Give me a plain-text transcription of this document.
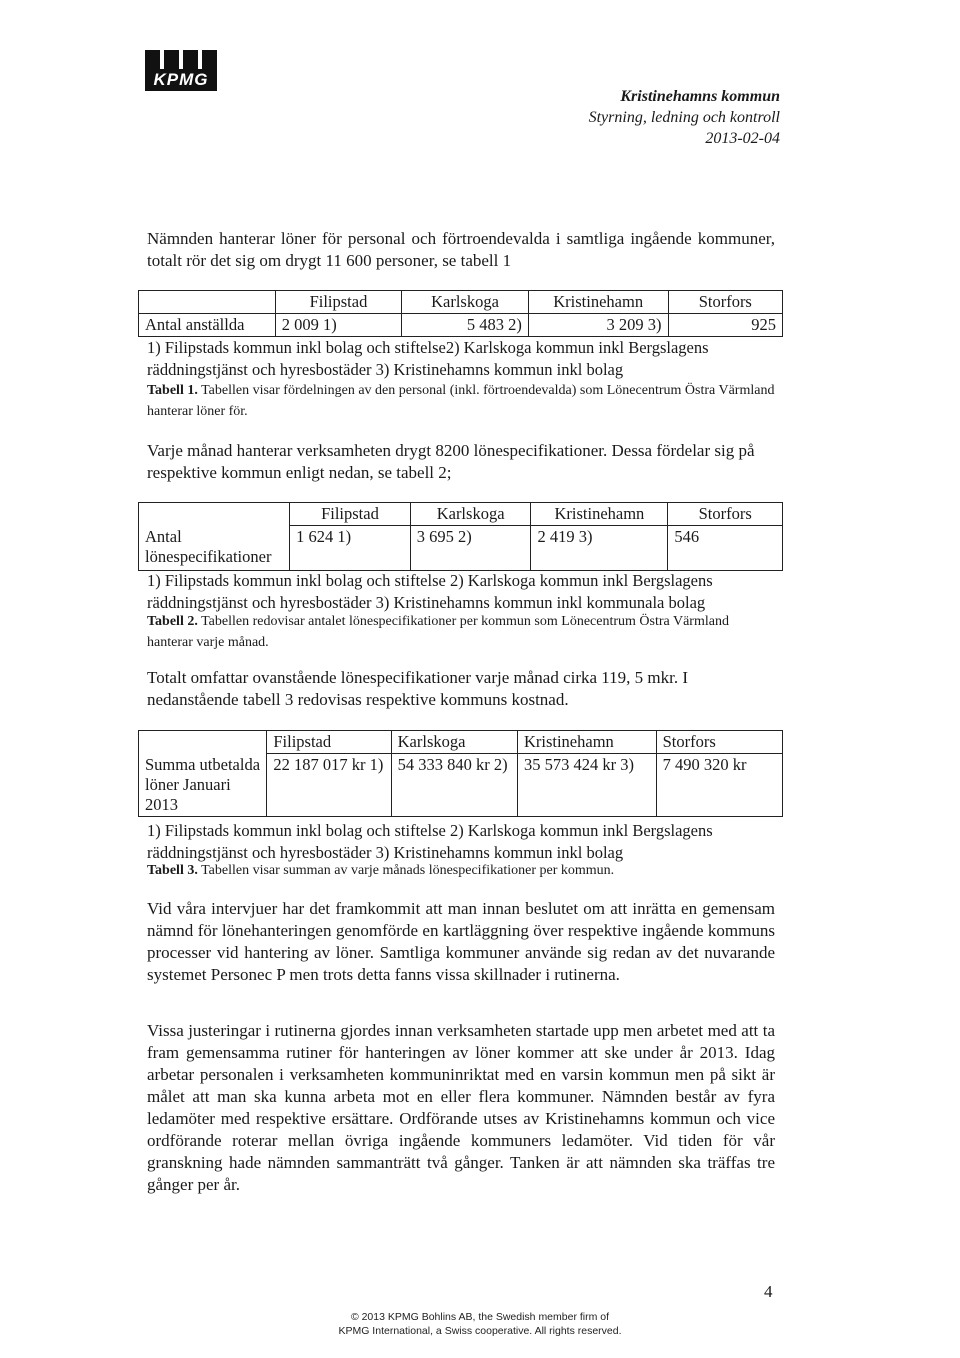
KPMG
Kristinehamns kommun
Styrning, ledning och kontroll
2013-02-04

Nämnden hanterar löner för personal och förtroendevalda i samtliga ingående kommuner, totalt rör det sig om drygt 11 600 personer, se tabell 1

	Filipstad	Karlskoga	Kristinehamn	Storfors
Antal anställda	2 009 1)	5 483 2)	3 209 3)	925
1) Filipstads kommun inkl bolag och stiftelse2) Karlskoga kommun inkl Bergslagens räddningstjänst och hyresbostäder 3) Kristinehamns kommun inkl bolag
Tabell 1. Tabellen visar fördelningen av den personal (inkl. förtroendevalda) som Lönecentrum Östra Värmland hanterar löner för.

Varje månad hanterar verksamheten drygt 8200 lönespecifikationer. Dessa fördelar sig på respektive kommun enligt nedan, se tabell 2;

	Filipstad	Karlskoga	Kristinehamn	Storfors
Antal lönespecifikationer	1 624 1)	3 695 2)	2 419 3)	546
1) Filipstads kommun inkl bolag och stiftelse 2) Karlskoga kommun inkl Bergslagens räddningstjänst och hyresbostäder 3) Kristinehamns kommun inkl kommunala bolag
Tabell 2. Tabellen redovisar antalet lönespecifikationer per kommun som Lönecentrum Östra Värmland hanterar varje månad.

Totalt omfattar ovanstående lönespecifikationer varje månad cirka 119, 5 mkr. I nedanstående tabell 3 redovisas respektive kommuns kostnad.

	Filipstad	Karlskoga	Kristinehamn	Storfors
Summa utbetalda löner Januari 2013	22 187 017 kr 1)	54 333 840 kr 2)	35 573 424 kr 3)	7 490 320 kr
1) Filipstads kommun inkl bolag och stiftelse 2) Karlskoga kommun inkl Bergslagens räddningstjänst och hyresbostäder 3) Kristinehamns kommun inkl bolag
Tabell 3. Tabellen visar summan av varje månads lönespecifikationer per kommun.

Vid våra intervjuer har det framkommit att man innan beslutet om att inrätta en gemensam nämnd för lönehanteringen genomförde en kartläggning över respektive ingående kommuns processer vid hantering av löner. Samtliga kommuner använde sig redan av det nuvarande systemet Personec P men trots detta fanns vissa skillnader i rutinerna.

Vissa justeringar i rutinerna gjordes innan verksamheten startade upp men arbetet med att ta fram gemensamma rutiner för hanteringen av löner kommer att ske under år 2013. Idag arbetar personalen i verksamheten kommuninriktat med en varsin kommun men på sikt är målet att man ska kunna arbeta mot en eller flera kommuner. Nämnden består av fyra ledamöter med respektive ersättare. Ordförande utses av Kristinehamns kommun och vice ordförande roterar mellan övriga ingående kommuners ledamöter. Vid tiden för vår granskning hade nämnden sammanträtt två gånger. Tanken är att nämnden ska träffas tre gånger per år.

4
© 2013 KPMG Bohlins AB, the Swedish member firm of
KPMG International, a Swiss cooperative. All rights reserved.
